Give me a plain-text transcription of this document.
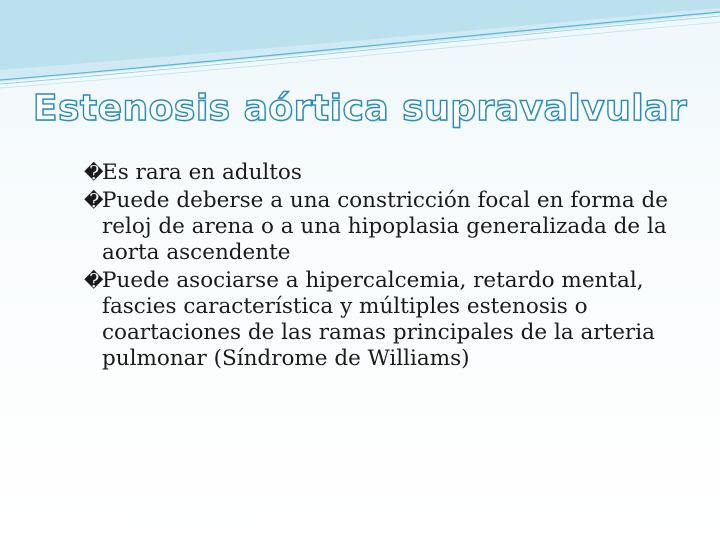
Estenosis aórtica supravalvular
�
Es rara en adultos
�
Puede deberse a una constricción focal en forma de reloj de arena o a una hipoplasia generalizada de la aorta ascendente
�
Puede asociarse a hipercalcemia, retardo mental, fascies característica y múltiples estenosis o coartaciones de las ramas principales de la arteria pulmonar (Síndrome de Williams)
